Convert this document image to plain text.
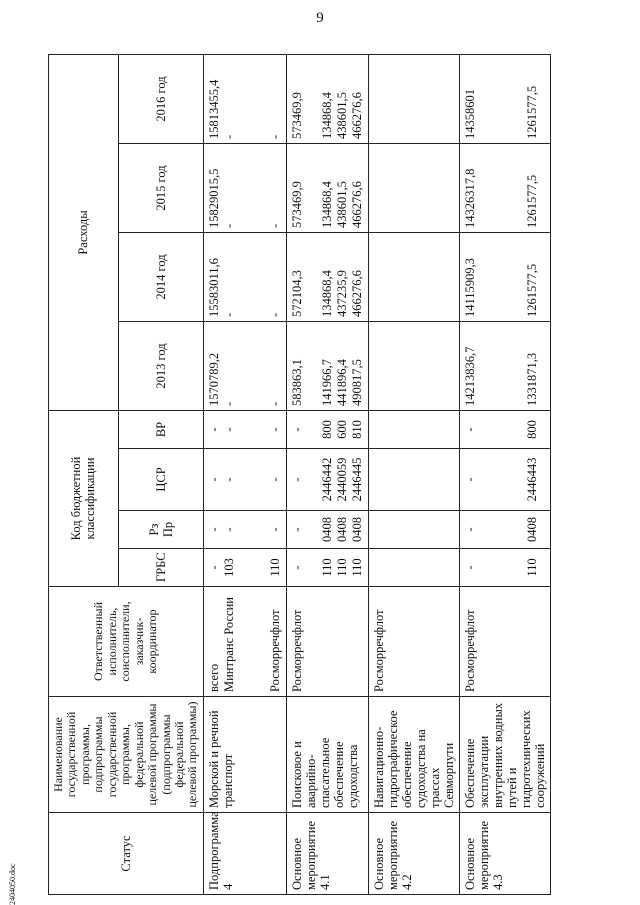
9
2404050.doc
Статус	Наименование государственной программы, подпрограммы государственной программы, федеральной целевой программы (подпрограммы федеральной целевой программы)	Ответственный исполнитель, соисполнители, заказчик-координатор	Код бюджетной классификации				Расходы			
			ГРБС	Рз Пр	ЦСР	ВР	2013 год	2014 год	2015 год	2016 год
Подпрограмма 4	Морской и речной транспорт	всего Минтранс России Росморречфлот	- 103 110	- - -	- - -	- - -	1570789,2 - -	15583011,6 - -	15829015,5 - -	15813455,4 - -

Основное мероприятие 4.1	Поисковое и аварийно-спасательное обеспечение судоходства	Росморречфлот	- 110 110 110	- 0408 0408 0408	- 2446442 2440059 2446445	- 800 600 810	583863,1 141966,7 441896,4 490817,5	572104,3 134868,4 437235,9 466276,6	573469,9 134868,4 438601,5 466276,6	573469,9 134868,4 438601,5 466276,6

Основное мероприятие 4.2	Навигационно-гидрографическое обеспечение судоходства на трассах Севморпути	Росморречфлот								

Основное мероприятие 4.3	Обеспечение эксплуатации внутренних водных путей и гидротехнических сооружений	Росморречфлот	- 110	- 0408	- 2446443	- 800	14213836,7 1331871,3	14115909,3 1261577,5	14326317,8 1261577,5	14358601 1261577,5
